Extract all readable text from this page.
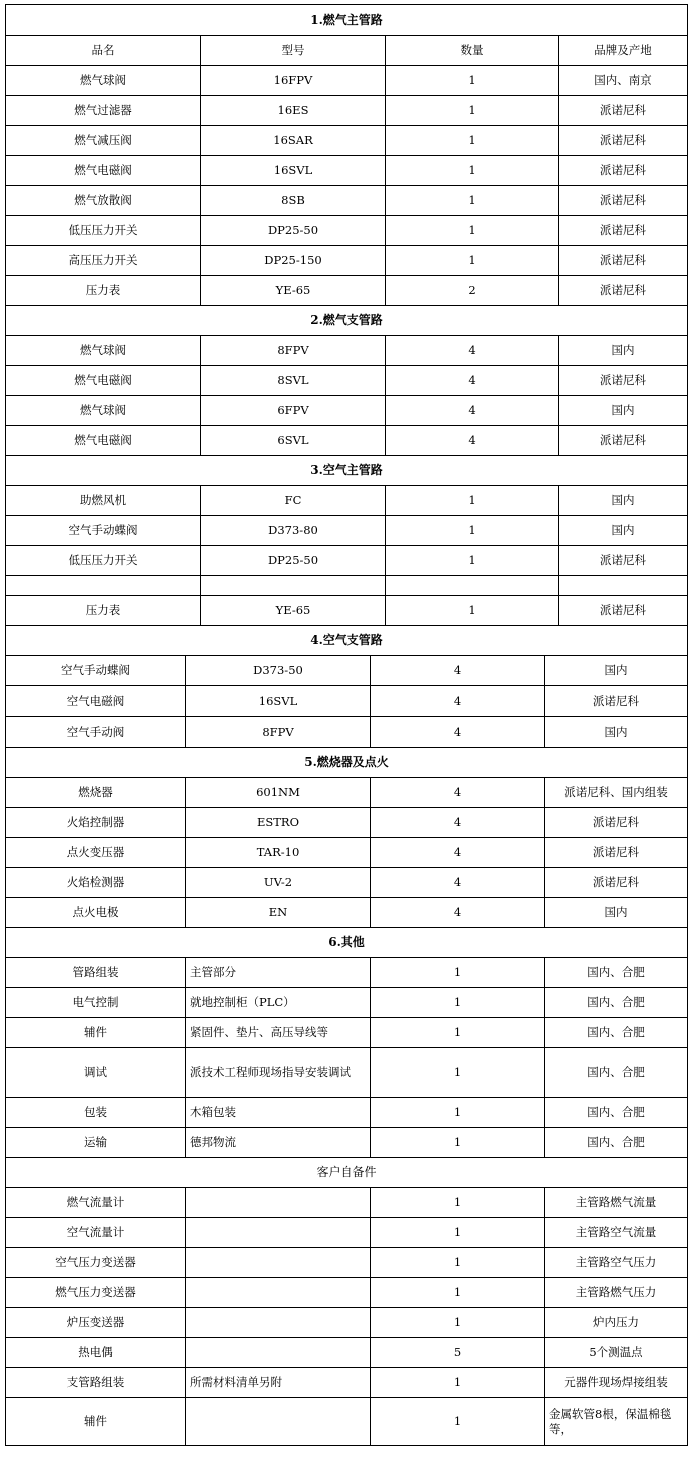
1.燃气主管路			
品名	型号	数量	品牌及产地
燃气球阀	16FPV	1	国内、南京
燃气过滤器	16ES	1	派诺尼科
燃气减压阀	16SAR	1	派诺尼科
燃气电磁阀	16SVL	1	派诺尼科
燃气放散阀	8SB	1	派诺尼科
低压压力开关	DP25-50	1	派诺尼科
高压压力开关	DP25-150	1	派诺尼科
压力表	YE-65	2	派诺尼科
2.燃气支管路			
燃气球阀	8FPV	4	国内
燃气电磁阀	8SVL	4	派诺尼科
燃气球阀	6FPV	4	国内
燃气电磁阀	6SVL	4	派诺尼科
3.空气主管路			
助燃风机	FC	1	国内
空气手动蝶阀	D373-80	1	国内
低压压力开关	DP25-50	1	派诺尼科

压力表	YE-65	1	派诺尼科
4.空气支管路			
空气手动蝶阀	D373-50	4	国内
空气电磁阀	16SVL	4	派诺尼科
空气手动阀	8FPV	4	国内
5.燃烧器及点火			
燃烧器	601NM	4	派诺尼科、国内组装
火焰控制器	ESTRO	4	派诺尼科
点火变压器	TAR-10	4	派诺尼科
火焰检测器	UV-2	4	派诺尼科
点火电极	EN	4	国内
6.其他			
管路组装	主管部分	1	国内、合肥
电气控制	就地控制柜（PLC）	1	国内、合肥
辅件	紧固件、垫片、高压导线等	1	国内、合肥
调试	派技术工程师现场指导安装调试	1	国内、合肥
包装	木箱包装	1	国内、合肥
运输	德邦物流	1	国内、合肥
客户自备件			
燃气流量计		1	主管路燃气流量
空气流量计		1	主管路空气流量
空气压力变送器		1	主管路空气压力
燃气压力变送器		1	主管路燃气压力
炉压变送器		1	炉内压力
热电偶		5	5个测温点
支管路组装	所需材料清单另附	1	元器件现场焊接组装
辅件		1	金属软管8根，保温棉毯等，
